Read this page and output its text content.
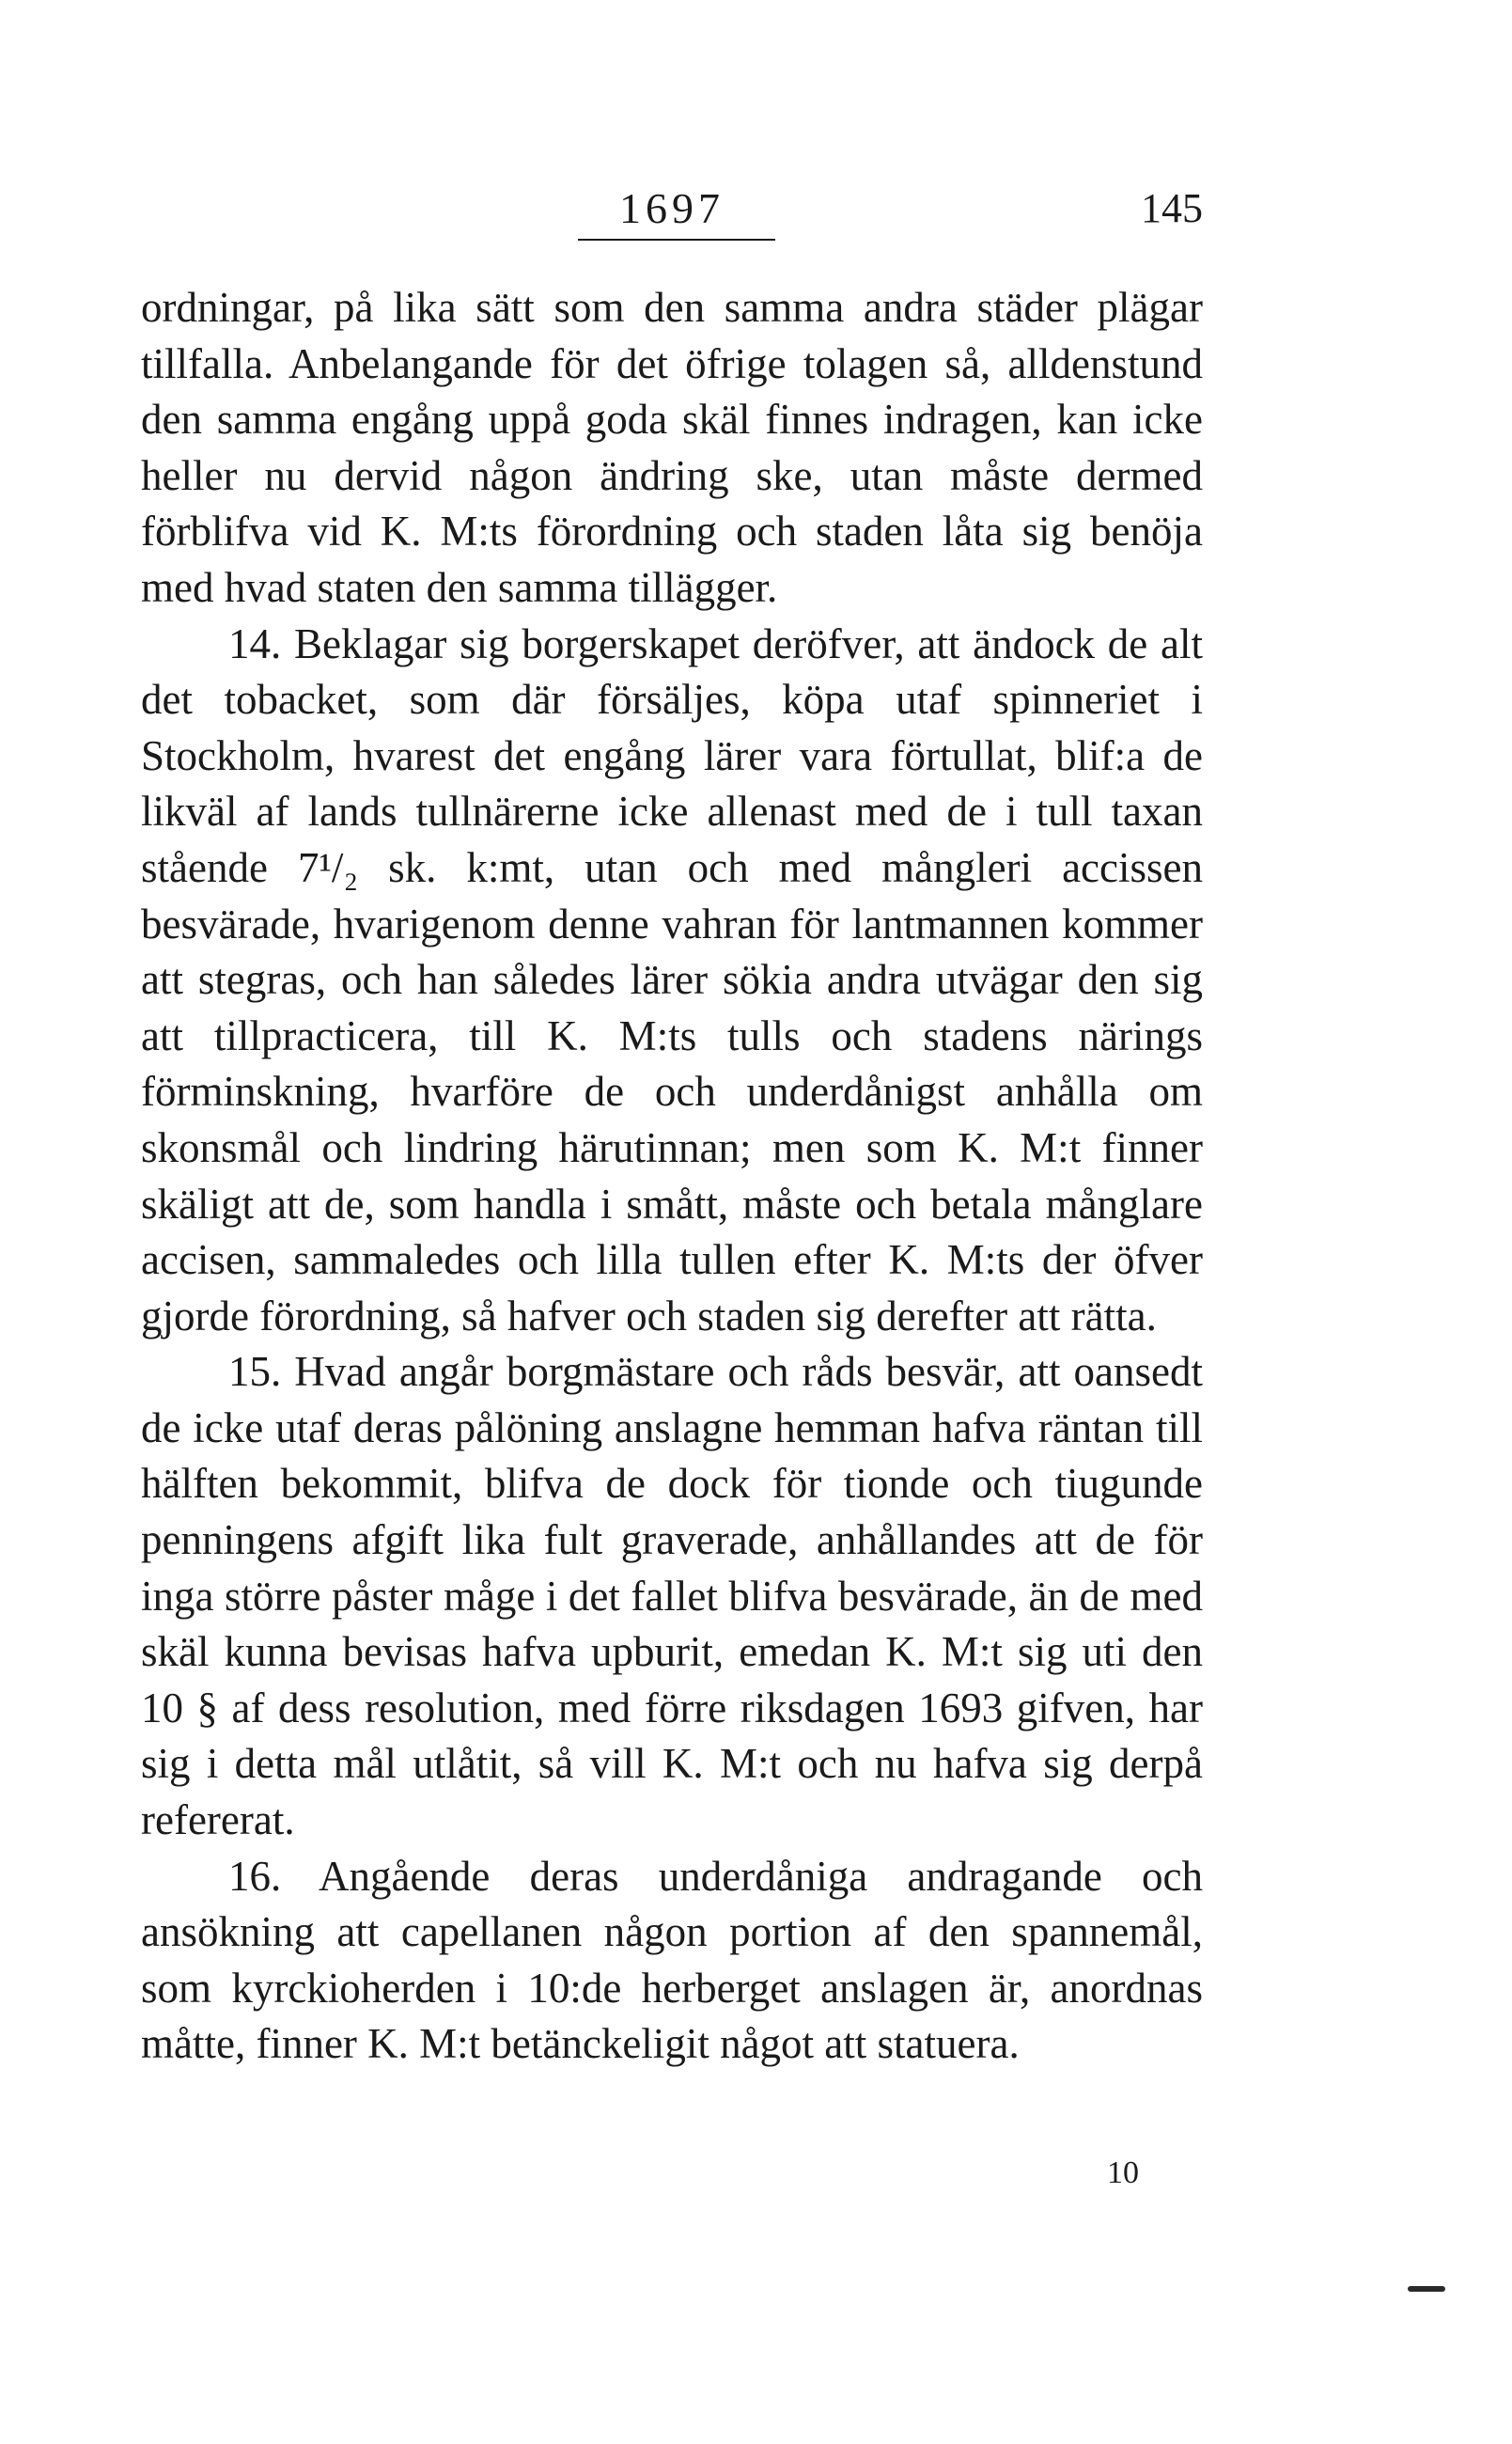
1697	145

ordningar, på lika sätt som den samma andra städer plägar tillfalla. Anbelangande för det öfrige tolagen så, alldenstund den samma engång uppå goda skäl finnes indragen, kan icke heller nu dervid någon ändring ske, utan måste dermed förblifva vid K. M:ts förordning och staden låta sig benöja med hvad staten den samma tillägger.

14. Beklagar sig borgerskapet deröfver, att ändock de alt det tobacket, som där försäljes, köpa utaf spinneriet i Stockholm, hvarest det engång lärer vara förtullat, blif:a de likväl af lands tullnärerne icke allenast med de i tull taxan stående 7¹/₂ sk. k:mt, utan och med mångleri accissen besvärade, hvarigenom denne vahran för lantmannen kommer att stegras, och han således lärer sökia andra utvägar den sig att tillpracticera, till K. M:ts tulls och stadens närings förminskning, hvarföre de och underdånigst anhålla om skonsmål och lindring härutinnan; men som K. M:t finner skäligt att de, som handla i smått, måste och betala månglare accisen, sammaledes och lilla tullen efter K. M:ts der öfver gjorde förordning, så hafver och staden sig derefter att rätta.

15. Hvad angår borgmästare och råds besvär, att oansedt de icke utaf deras pålöning anslagne hemman hafva räntan till hälften bekommit, blifva de dock för tionde och tiugunde penningens afgift lika fult graverade, anhållandes att de för inga större påster måge i det fallet blifva besvärade, än de med skäl kunna bevisas hafva upburit, emedan K. M:t sig uti den 10 § af dess resolution, med förre riksdagen 1693 gifven, har sig i detta mål utlåtit, så vill K. M:t och nu hafva sig derpå refererat.

16. Angående deras underdåniga andragande och ansökning att capellanen någon portion af den spannemål, som kyrckioherden i 10:de herberget anslagen är, anordnas måtte, finner K. M:t betänckeligit något att statuera.

10
